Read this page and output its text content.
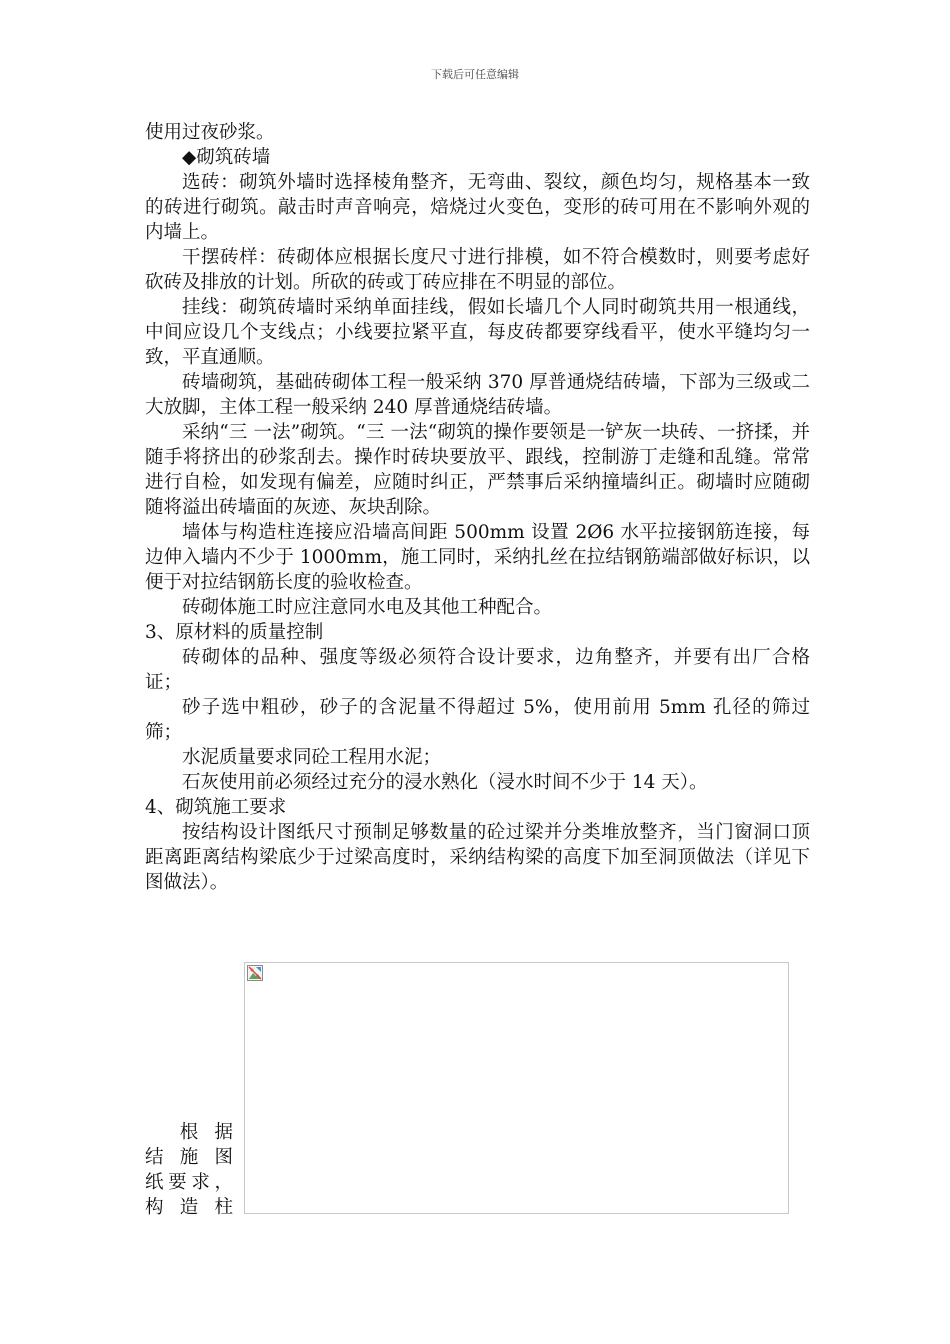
下载后可任意编辑

使用过夜砂浆。

◆砌筑砖墙

选砖：砌筑外墙时选择棱角整齐，无弯曲、裂纹，颜色均匀，规格基本一致的砖进行砌筑。敲击时声音响亮，焙烧过火变色，变形的砖可用在不影响外观的内墙上。

干摆砖样：砖砌体应根据长度尺寸进行排模，如不符合模数时，则要考虑好砍砖及排放的计划。所砍的砖或丁砖应排在不明显的部位。

挂线：砌筑砖墙时采纳单面挂线，假如长墙几个人同时砌筑共用一根通线，中间应设几个支线点；小线要拉紧平直，每皮砖都要穿线看平，使水平缝均匀一致，平直通顺。

砖墙砌筑，基础砖砌体工程一般采纳 370 厚普通烧结砖墙，下部为三级或二大放脚，主体工程一般采纳 240 厚普通烧结砖墙。

采纳“三 一法”砌筑。“三 一法“砌筑的操作要领是一铲灰一块砖、一挤揉，并随手将挤出的砂浆刮去。操作时砖块要放平、跟线，控制游丁走缝和乱缝。常常进行自检，如发现有偏差，应随时纠正，严禁事后采纳撞墙纠正。砌墙时应随砌随将溢出砖墙面的灰迹、灰块刮除。

墙体与构造柱连接应沿墙高间距 500mm 设置 2Ø6 水平拉接钢筋连接，每边伸入墙内不少于 1000mm，施工同时，采纳扎丝在拉结钢筋端部做好标识，以便于对拉结钢筋长度的验收检查。

砖砌体施工时应注意同水电及其他工种配合。

3、原材料的质量控制

砖砌体的品种、强度等级必须符合设计要求，边角整齐，并要有出厂合格证；

砂子选中粗砂，砂子的含泥量不得超过 5%，使用前用 5mm 孔径的筛过筛；

水泥质量要求同砼工程用水泥；

石灰使用前必须经过充分的浸水熟化（浸水时间不少于 14 天）。

4、砌筑施工要求

按结构设计图纸尺寸预制足够数量的砼过梁并分类堆放整齐，当门窗洞口顶距离距离结构梁底少于过梁高度时，采纳结构梁的高度下加至洞顶做法（详见下图做法）。

　根据
结施图
纸要求，
构造柱
